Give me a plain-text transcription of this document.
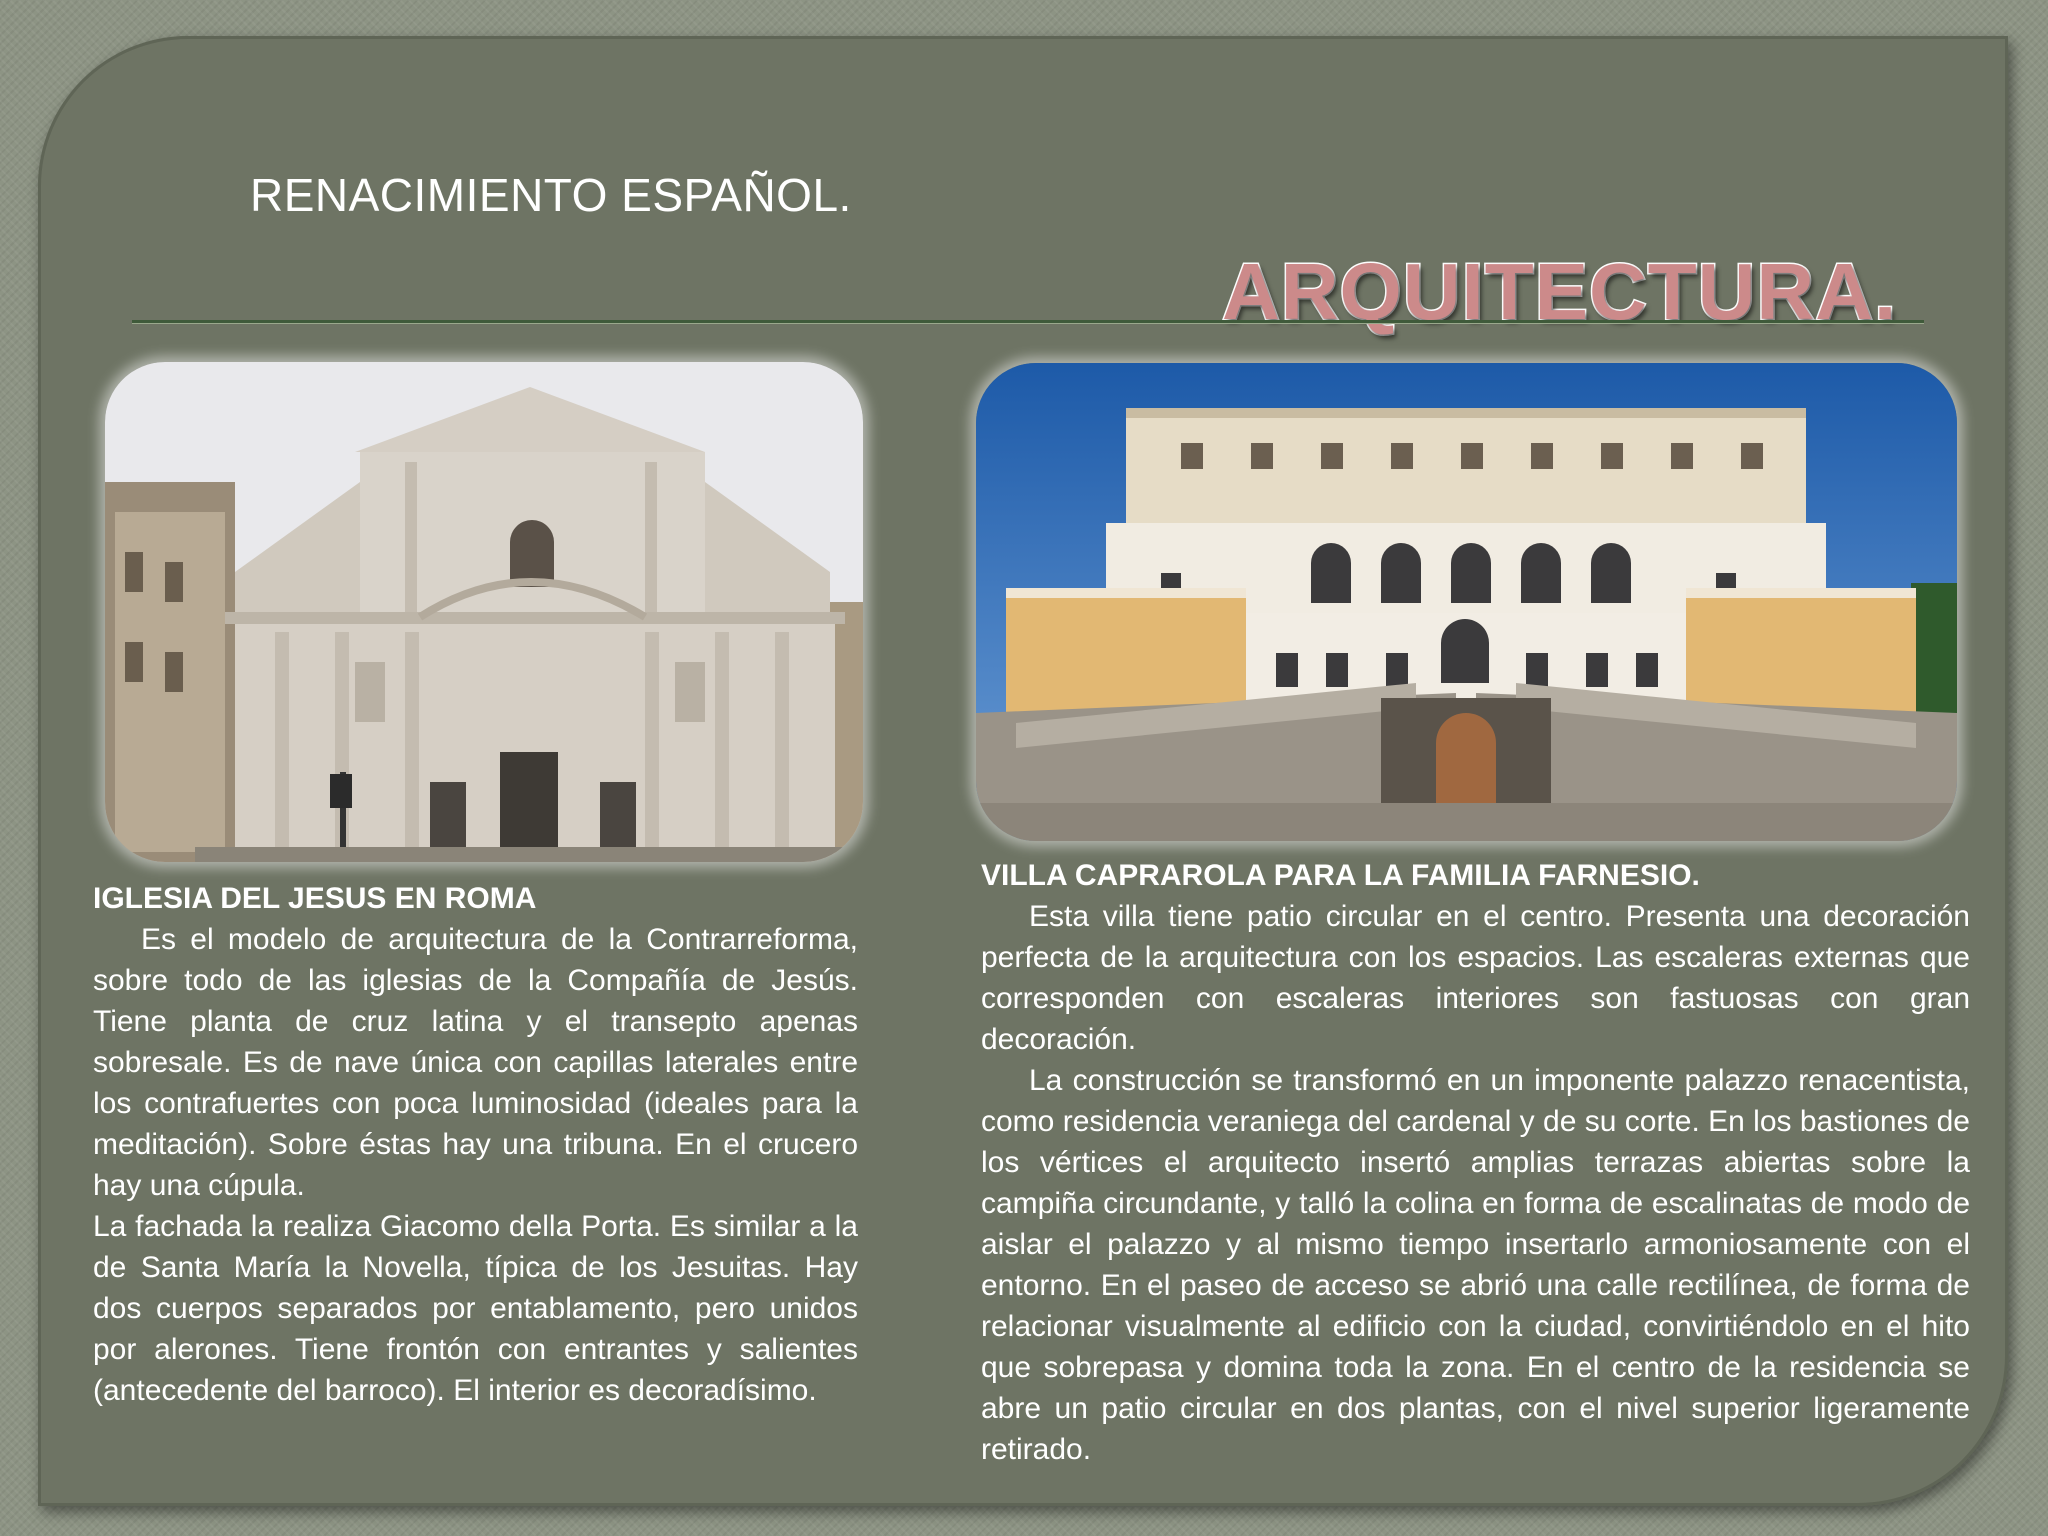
RENACIMIENTO ESPAÑOL.
ARQUITECTURA.
IGLESIA DEL JESUS EN ROMA

Es el modelo de arquitectura de la Contrarreforma, sobre todo de las iglesias de la Compañía de Jesús. Tiene planta de cruz latina y el transepto apenas sobresale. Es de nave única con capillas laterales entre los contrafuertes con poca luminosidad (ideales para la meditación). Sobre éstas hay una tribuna. En el crucero hay una cúpula.

La fachada la realiza Giacomo della Porta. Es similar a la de Santa María la Novella, típica de los Jesuitas. Hay dos cuerpos separados por entablamento, pero unidos por alerones. Tiene frontón con entrantes y salientes (antecedente del barroco). El interior es decoradísimo.

VILLA CAPRAROLA PARA LA FAMILIA FARNESIO.

Esta villa tiene patio circular en el centro. Presenta una decoración perfecta de la arquitectura con los espacios. Las escaleras externas que corresponden con escaleras interiores son fastuosas con gran decoración.

La construcción se transformó en un imponente palazzo renacentista, como residencia veraniega del cardenal y de su corte. En los bastiones de los vértices el arquitecto insertó amplias terrazas abiertas sobre la campiña circundante, y talló la colina en forma de escalinatas de modo de aislar el palazzo y al mismo tiempo insertarlo armoniosamente con el entorno. En el paseo de acceso se abrió una calle rectilínea, de forma de relacionar visualmente al edificio con la ciudad, convirtiéndolo en el hito que sobrepasa y domina toda la zona. En el centro de la residencia se abre un patio circular en dos plantas, con el nivel superior ligeramente retirado.
